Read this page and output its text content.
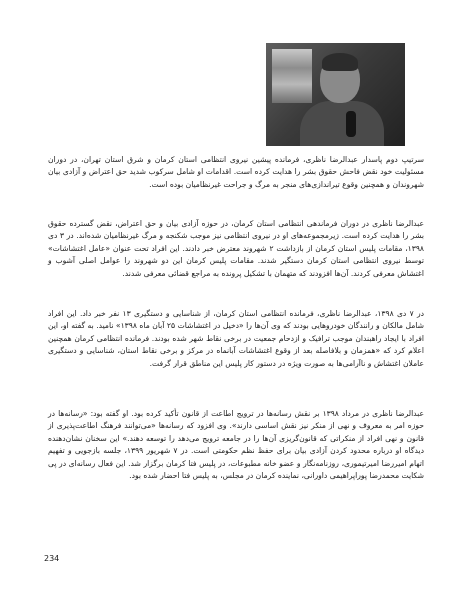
سرتیپ دوم پاسدار عبدالرضا ناظری، فرمانده پیشین نیروی انتظامی استان کرمان و شرق استان تهران، در دوران مسئولیت خود نقض فاحش حقوق بشر را هدایت کرده است. اقدامات او شامل سرکوب شدید حق اعتراض و آزادی بیان شهروندان و همچنین وقوع تیراندازی‌های منجر به مرگ و جراحت غیرنظامیان بوده است.

عبدالرضا ناظری در دوران فرماندهی انتظامی استان کرمان، در حوزه آزادی بیان و حق اعتراض، نقض گسترده حقوق بشر را هدایت کرده است. زیرمجموعه‌های او در نیروی انتظامی نیز موجب شکنجه و مرگ غیرنظامیان شده‌اند. در ۳ دی ۱۳۹۸، مقامات پلیس استان کرمان از بازداشت ۲ شهروند معترض خبر دادند. این افراد تحت عنوان «عامل اغتشاشات» توسط نیروی انتظامی استان کرمان دستگیر شدند. مقامات پلیس کرمان این دو شهروند را عوامل اصلی آشوب و اغتشاش معرفی کردند. آن‌ها افزودند که متهمان با تشکیل پرونده به مراجع قضائی معرفی شدند.

در ۷ دی ۱۳۹۸، عبدالرضا ناظری، فرمانده انتظامی استان کرمان، از شناسایی و دستگیری ۱۳ نفر خبر داد. این افراد شامل مالکان و رانندگان خودروهایی بودند که وی آن‌ها را «دخیل در اغتشاشات ۲۵ آبان ماه ۱۳۹۸» نامید. به گفته او، این افراد با ایجاد راهبندان موجب ترافیک و ازدحام جمعیت در برخی نقاط شهر شده بودند. فرمانده انتظامی کرمان همچنین اعلام کرد که «همزمان و بلافاصله بعد از وقوع اغتشاشات آبانماه در مرکز و برخی نقاط استان، شناسایی و دستگیری عاملان اغتشاش و ناآرامی‌ها به صورت ویژه در دستور کار پلیس این مناطق قرار گرفت.

عبدالرضا ناظری در مرداد ۱۳۹۸ بر نقش رسانه‌ها در ترویج اطاعت از قانون تأکید کرده بود. او گفته بود: «رسانه‌ها در حوزه امر به معروف و نهی از منکر نیز نقش اساسی دارند». وی افزود که رسانه‌ها «می‌توانند فرهنگ اطاعت‌پذیری از قانون و نهی افراد از منکراتی که قانون‌گریزی آن‌ها را در جامعه ترویج می‌دهد را توسعه دهند.» این سخنان نشان‌دهنده دیدگاه او درباره محدود کردن آزادی بیان برای حفظ نظم حکومتی است. در ۷ شهریور ۱۳۹۹، جلسه بازجویی و تفهیم اتهام امیررضا امیرتیموری، روزنامه‌نگار و عضو خانه مطبوعات، در پلیس فتا کرمان برگزار شد. این فعال رسانه‌ای در پی شکایت محمدرضا پوراپراهیمی داورانی، نماینده کرمان در مجلس، به پلیس فتا احضار شده بود.

234
